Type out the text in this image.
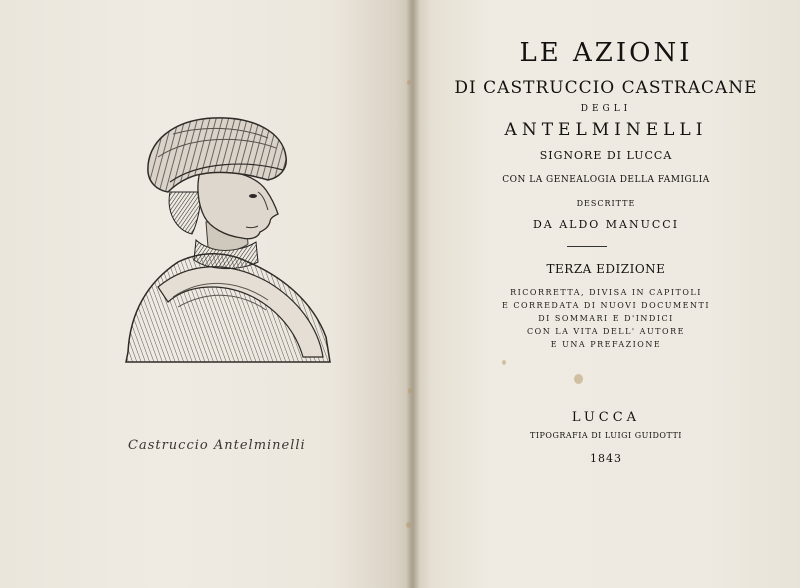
Castruccio Antelminelli
LE AZIONI
DI CASTRUCCIO CASTRACANE
DEGLI
ANTELMINELLI
SIGNORE DI LUCCA
CON LA GENEALOGIA DELLA FAMIGLIA
DESCRITTE
DA ALDO MANUCCI
TERZA EDIZIONE
RICORRETTA, DIVISA IN CAPITOLI
E CORREDATA DI NUOVI DOCUMENTI
DI SOMMARI E D'INDICI
CON LA VITA DELL' AUTORE
E UNA PREFAZIONE
LUCCA
TIPOGRAFIA DI LUIGI GUIDOTTI
1843
